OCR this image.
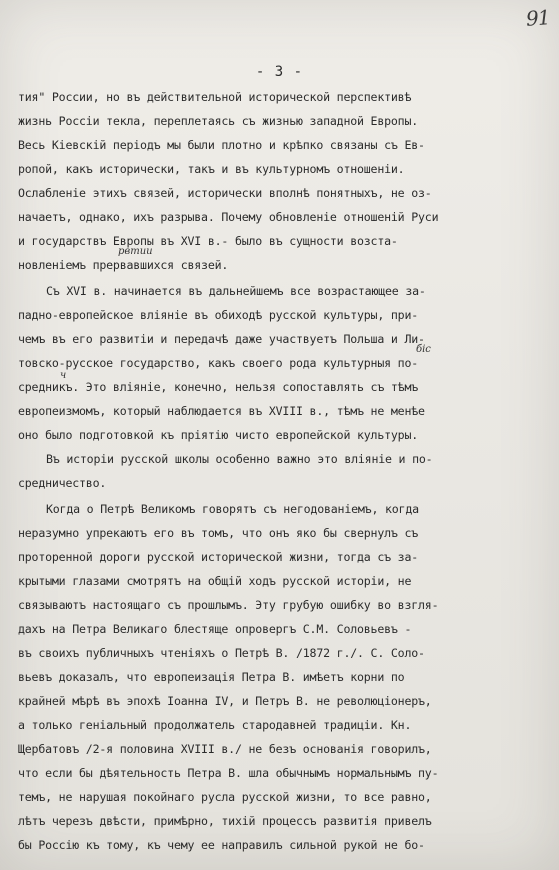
91
- 3 -
тия" России, но въ действительной исторической перспективѣ
жизнь Россiи текла, переплетаясь съ жизнью западной Европы.
Весь Кiевскiй перiодъ мы были плотно и крѣпко связаны съ Ев-
ропой, какъ исторически, такъ и въ культурномъ отношенiи.
Ослабленiе этихъ связей, исторически вполнѣ понятныхъ, не оз-
начаетъ, однако, ихъ разрыва. Почему обновленiе отношенiй Руси
и государствъ Европы въ XVI в.- было въ сущности возста-
новленiемъ прервавшихся связей.
Съ XVI в. начинается въ дальнейшемъ все возрастающее за-
падно-европейское влiянiе въ обиходѣ русской культуры, при-
чемъ въ его развитiи и передачѣ даже участвуетъ Польша и Ли-
товско-русское государство, какъ своего рода культурныя по-
средникъ. Это влiянiе, конечно, нельзя сопоставлять съ тѣмъ
европеизмомъ, который наблюдается въ XVIII в., тѣмъ не менѣе
оно было подготовкой къ прiятiю чисто европейской культуры.
Въ исторiи русской школы особенно важно это влiянiе и по-
средничество.
Когда о Петрѣ Великомъ говорятъ съ негодованiемъ, когда
неразумно упрекаютъ его въ томъ, что онъ яко бы свернулъ съ
проторенной дороги русской исторической жизни, тогда съ за-
крытыми глазами смотрятъ на общiй ходъ русской исторiи, не
связываютъ настоящаго съ прошлымъ. Эту грубую ошибку во взгля-
дахъ на Петра Великаго блестяще опровергъ С.М. Соловьевъ -
въ своихъ публичныхъ чтенiяхъ о Петрѣ В. /1872 г./. С. Соло-
вьевъ доказалъ, что европеизацiя Петра В. имѣетъ корни по
крайней мѣрѣ въ эпохѣ Iоанна IV, и Петръ В. не революцiонеръ,
а только генiальный продолжатель стародавней традицiи. Кн.
Щербатовъ /2-я половина XVIII в./ не безъ основанiя говорилъ,
что если бы дѣятельность Петра В. шла обычнымъ нормальнымъ пу-
темъ, не нарушая покойнаго русла русской жизни, то все равно,
лѣтъ черезъ двѣсти, примѣрно, тихiй процессъ развитiя привелъ
бы Россiю къ тому, къ чему ее направилъ сильной рукой не бо-
рвтии
біс
ч
